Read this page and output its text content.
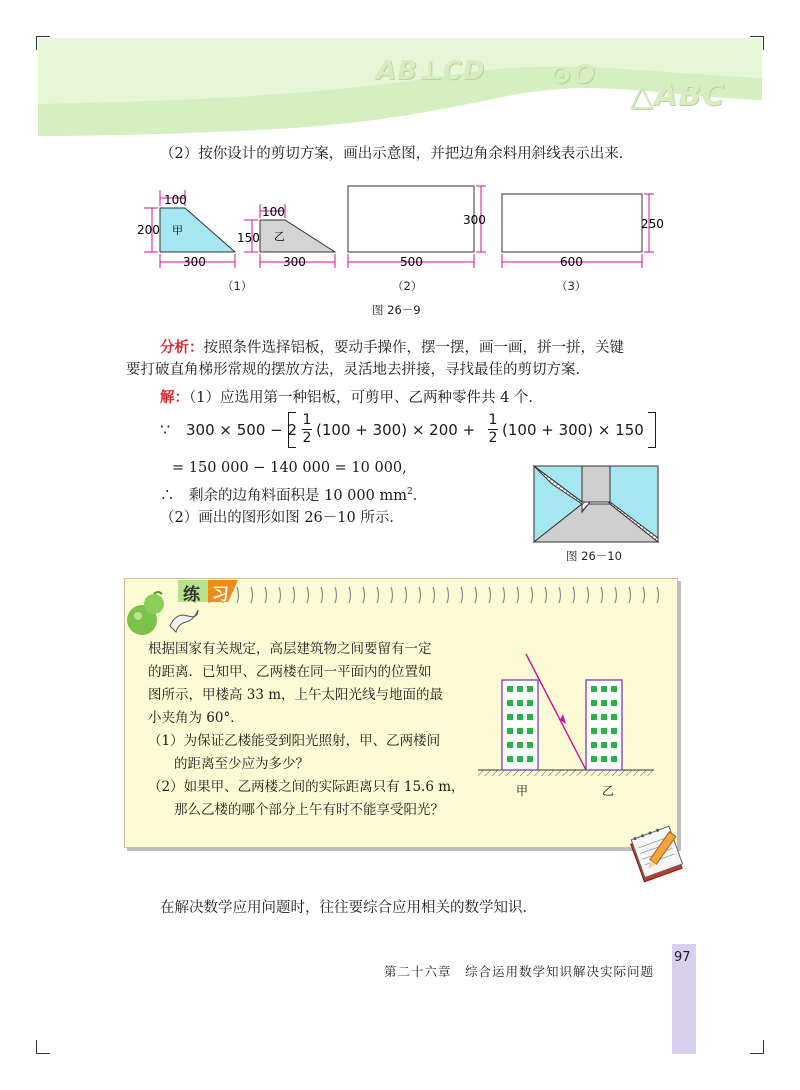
AB⊥CD ⊙O
△ABC
（2）按你设计的剪切方案，画出示意图，并把边角余料用斜线表示出来．
甲
100
200
300
乙
100
150
300
300
500
250
600
（1）	（2）	（3）
图 26－9
分析：按照条件选择铝板，要动手操作，摆一摆，画一画，拼一拼，关键
要打破直角梯形常规的摆放方法，灵活地去拼接，寻找最佳的剪切方案．
解：（1）应选用第一种铝板，可剪甲、乙两种零件共 4 个．
∵ $300 \times 500 - 2 \frac{1}{2} (100 + 300) \times 200 + \frac{1}{2} (100 + 300) \times 150$
= 150 000 − 140 000 = 10 000,
∴　 剩余的边角料面积是 10 000 $mm^2$．
（2）画出的图形如图 26－10 所示．
图 26－10
练 习
根据国家有关规定，高层建筑物之间要留有一定
的距离．已知甲、乙两楼在同一平面内的位置如
图所示，甲楼高 33 m，上午太阳光线与地面的最
小夹角为 60°．
（1）为保证乙楼能受到阳光照射，甲、乙两楼间
的距离至少应为多少？
（2）如果甲、乙两楼之间的实际距离只有 15.6 m，
那么乙楼的哪个部分上午有时不能享受阳光？
甲	乙
在解决数学应用问题时，往往要综合应用相关的数学知识．
第二十六章　综合运用数学知识解决实际问题
97
